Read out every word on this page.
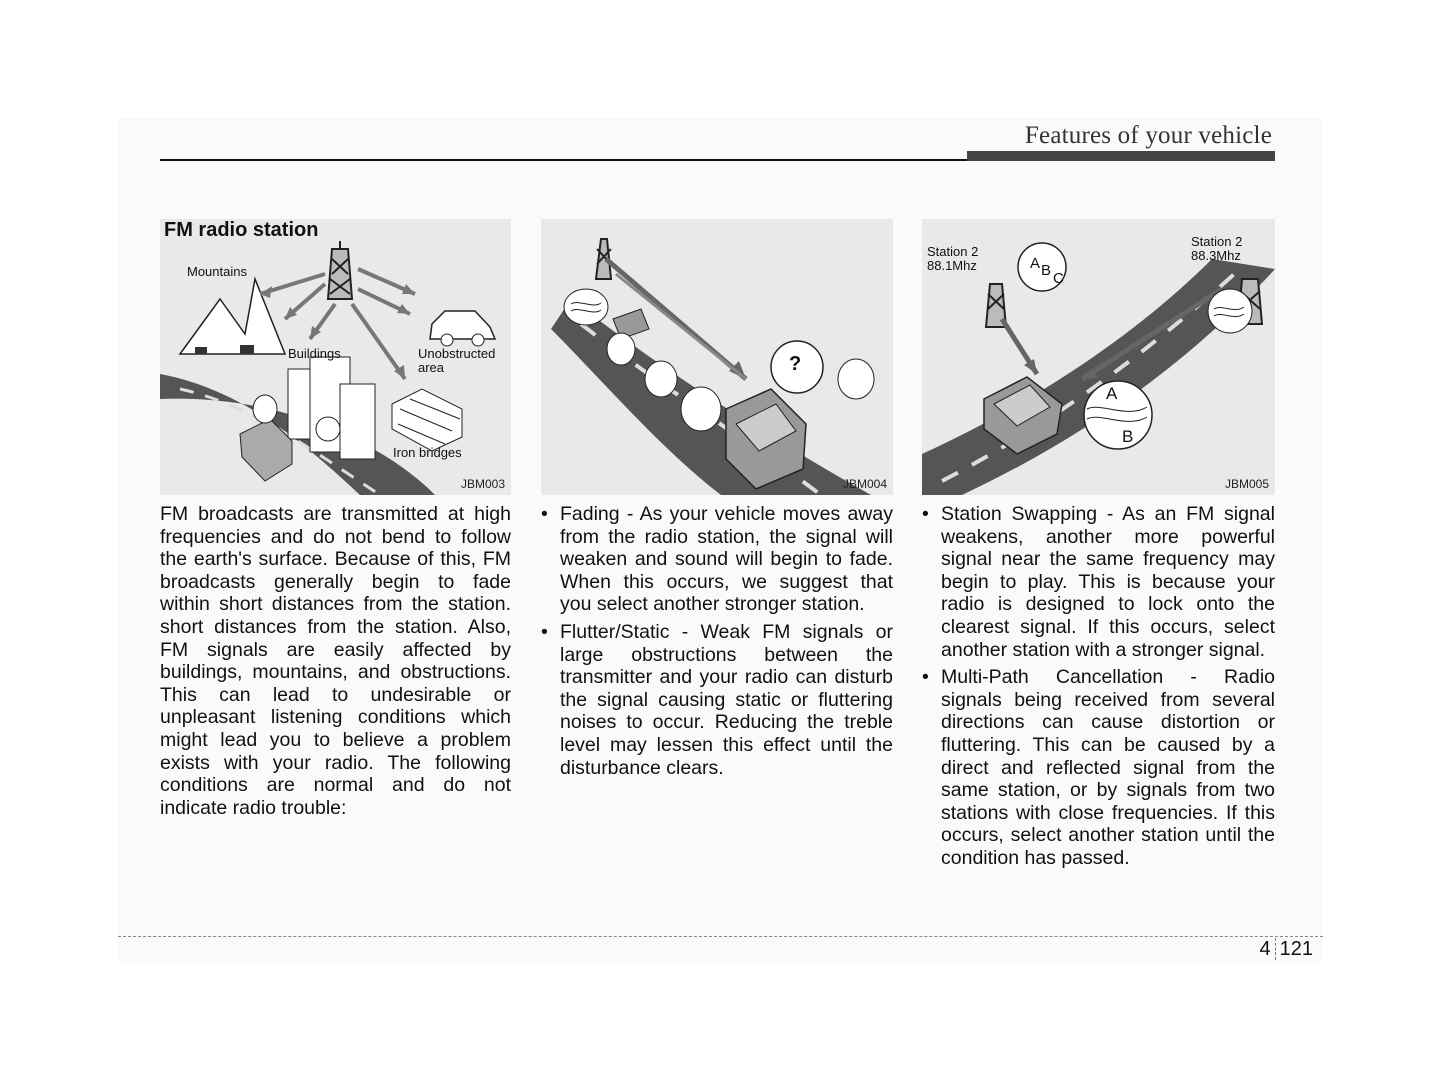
Features of your vehicle
FM radio station
Mountains
Buildings	Unobstructed area
Iron bridges
JBM003
?
JBM004
Station 2
88.1Mhz
Station 2
88.3Mhz
A B C
A
B
JBM005

FM broadcasts are transmitted at high frequencies and do not bend to follow the earth's surface. Because of this, FM broadcasts generally begin to fade within short distances from the station. short distances from the station. Also, FM signals are easily affected by buildings, mountains, and obstructions. This can lead to undesirable or unpleasant listening conditions which might lead you to believe a problem exists with your radio. The following conditions are normal and do not indicate radio trouble:

• Fading - As your vehicle moves away from the radio station, the signal will weaken and sound will begin to fade. When this occurs, we suggest that you select another stronger station.

• Flutter/Static - Weak FM signals or large obstructions between the transmitter and your radio can disturb the signal causing static or fluttering noises to occur. Reducing the treble level may lessen this effect until the disturbance clears.

• Station Swapping - As an FM signal weakens, another more powerful signal near the same frequency may begin to play. This is because your radio is designed to lock onto the clearest signal. If this occurs, select another station with a stronger signal.

• Multi-Path Cancellation - Radio signals being received from several directions can cause distortion or fluttering. This can be caused by a direct and reflected signal from the same station, or by signals from two stations with close frequencies. If this occurs, select another station until the condition has passed.

4 121
